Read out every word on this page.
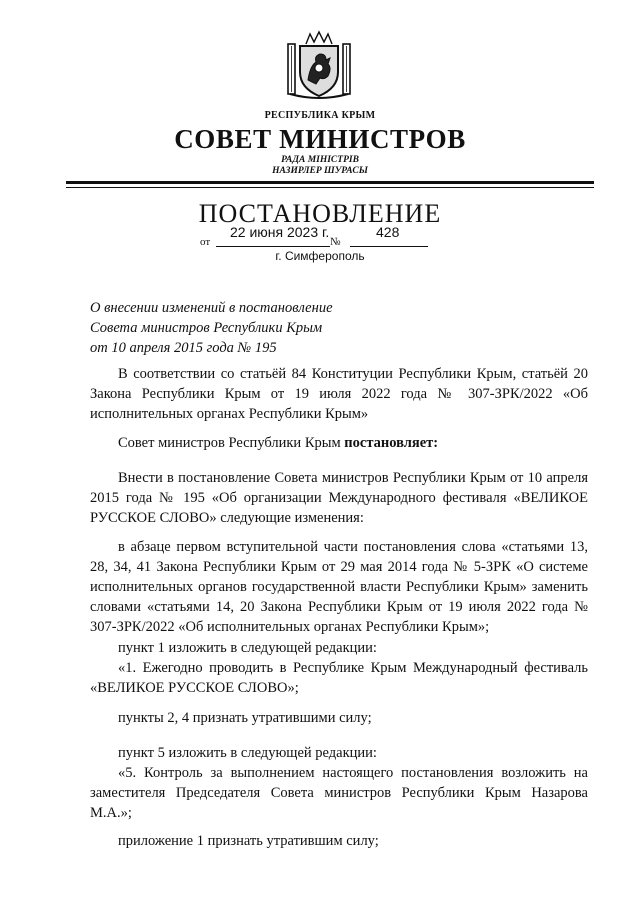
РЕСПУБЛИКА КРЫМ
СОВЕТ МИНИСТРОВ
РАДА МІНІСТРІВ
НАЗИРЛЕР ШУРАСЫ
ПОСТАНОВЛЕНИЕ
22 июня 2023 г.	428
от	№
г. Симферополь
О внесении изменений в постановление
Совета министров Республики Крым
от 10 апреля 2015 года № 195

В соответствии со статьёй 84 Конституции Республики Крым, статьёй 20 Закона Республики Крым от 19 июля 2022 года № 307-ЗРК/2022 «Об исполнительных органах Республики Крым»

Совет министров Республики Крым постановляет:

Внести в постановление Совета министров Республики Крым от 10 апреля 2015 года № 195 «Об организации Международного фестиваля «ВЕЛИКОЕ РУССКОЕ СЛОВО» следующие изменения:

в абзаце первом вступительной части постановления слова «статьями 13, 28, 34, 41 Закона Республики Крым от 29 мая 2014 года № 5-ЗРК «О системе исполнительных органов государственной власти Республики Крым» заменить словами «статьями 14, 20 Закона Республики Крым от 19 июля 2022 года № 307-ЗРК/2022 «Об исполнительных органах Республики Крым»;

пункт 1 изложить в следующей редакции:

«1. Ежегодно проводить в Республике Крым Международный фестиваль «ВЕЛИКОЕ РУССКОЕ СЛОВО»;

пункты 2, 4 признать утратившими силу;

пункт 5 изложить в следующей редакции:

«5. Контроль за выполнением настоящего постановления возложить на заместителя Председателя Совета министров Республики Крым Назарова М.А.»;

приложение 1 признать утратившим силу;
